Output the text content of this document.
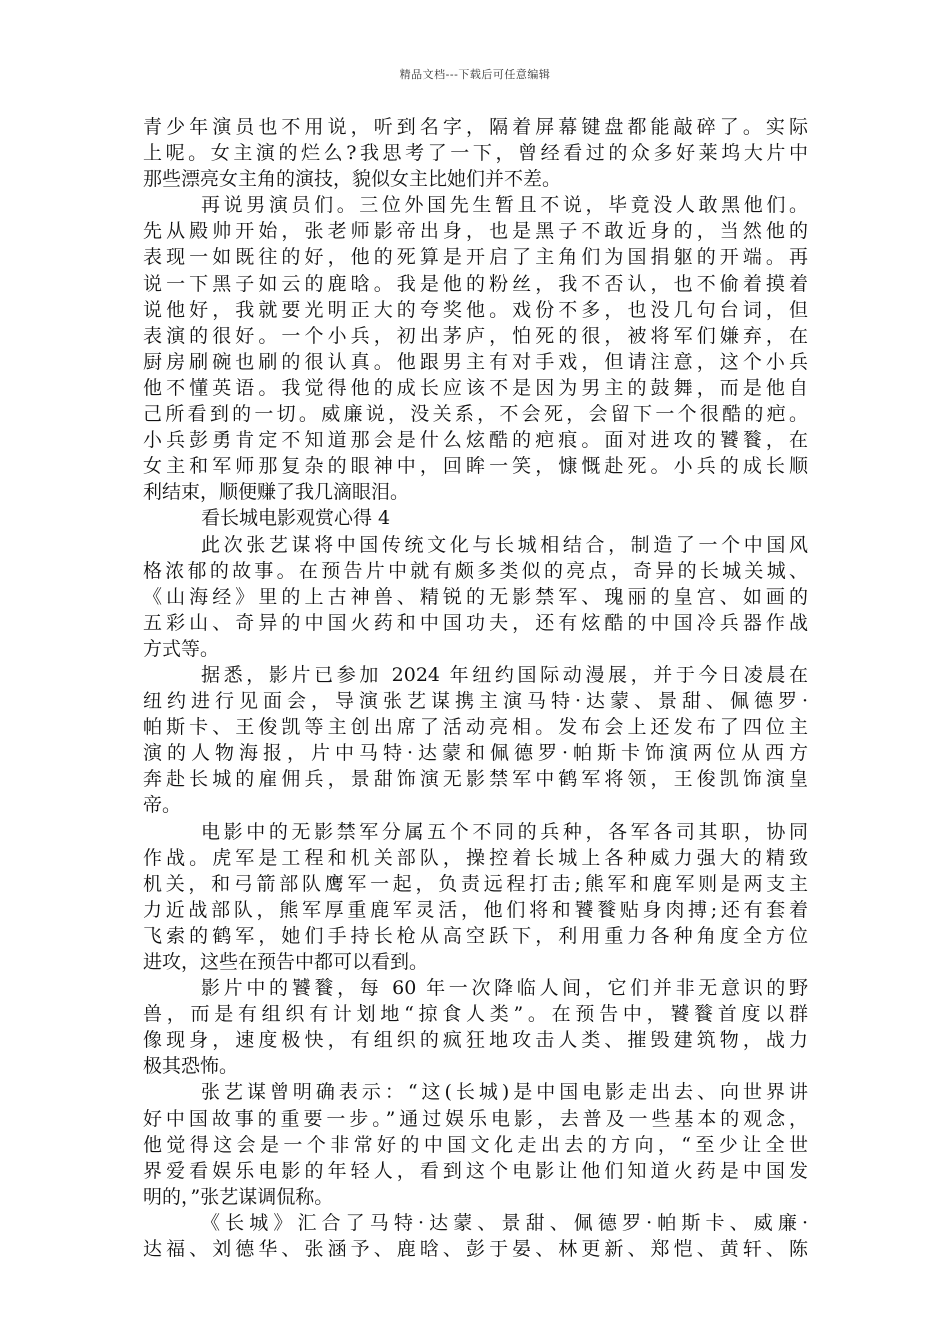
精品文档---下载后可任意编辑
青少年演员也不用说，听到名字，隔着屏幕键盘都能敲碎了。实际
上呢。女主演的烂么?我思考了一下，曾经看过的众多好莱坞大片中
那些漂亮女主角的演技，貌似女主比她们并不差。
再说男演员们。三位外国先生暂且不说，毕竟没人敢黑他们。
先从殿帅开始，张老师影帝出身，也是黑子不敢近身的，当然他的
表现一如既往的好，他的死算是开启了主角们为国捐躯的开端。再
说一下黑子如云的鹿晗。我是他的粉丝，我不否认，也不偷着摸着
说他好，我就要光明正大的夸奖他。戏份不多，也没几句台词，但
表演的很好。一个小兵，初出茅庐，怕死的很，被将军们嫌弃，在
厨房刷碗也刷的很认真。他跟男主有对手戏，但请注意，这个小兵
他不懂英语。我觉得他的成长应该不是因为男主的鼓舞，而是他自
己所看到的一切。威廉说，没关系，不会死，会留下一个很酷的疤。
小兵彭勇肯定不知道那会是什么炫酷的疤痕。面对进攻的饕餮，在
女主和军师那复杂的眼神中，回眸一笑，慷慨赴死。小兵的成长顺
利结束，顺便赚了我几滴眼泪。
看长城电影观赏心得 4
此次张艺谋将中国传统文化与长城相结合，制造了一个中国风
格浓郁的故事。在预告片中就有颇多类似的亮点，奇异的长城关城、
《山海经》里的上古神兽、精锐的无影禁军、瑰丽的皇宫、如画的
五彩山、奇异的中国火药和中国功夫，还有炫酷的中国冷兵器作战
方式等。
据悉，影片已参加 2024 年纽约国际动漫展，并于今日凌晨在
纽约进行见面会，导演张艺谋携主演马特·达蒙、景甜、佩德罗·
帕斯卡、王俊凯等主创出席了活动亮相。发布会上还发布了四位主
演的人物海报，片中马特·达蒙和佩德罗·帕斯卡饰演两位从西方
奔赴长城的雇佣兵，景甜饰演无影禁军中鹤军将领，王俊凯饰演皇
帝。
电影中的无影禁军分属五个不同的兵种，各军各司其职，协同
作战。虎军是工程和机关部队，操控着长城上各种威力强大的精致
机关，和弓箭部队鹰军一起，负责远程打击;熊军和鹿军则是两支主
力近战部队，熊军厚重鹿军灵活，他们将和饕餮贴身肉搏;还有套着
飞索的鹤军，她们手持长枪从高空跃下，利用重力各种角度全方位
进攻，这些在预告中都可以看到。
影片中的饕餮，每 60 年一次降临人间，它们并非无意识的野
兽，而是有组织有计划地“掠食人类”。在预告中，饕餮首度以群
像现身，速度极快，有组织的疯狂地攻击人类、摧毁建筑物，战力
极其恐怖。
张艺谋曾明确表示：“这(长城)是中国电影走出去、向世界讲
好中国故事的重要一步。”通过娱乐电影，去普及一些基本的观念，
他觉得这会是一个非常好的中国文化走出去的方向，“至少让全世
界爱看娱乐电影的年轻人，看到这个电影让他们知道火药是中国发
明的，”张艺谋调侃称。
《长城》汇合了马特·达蒙、景甜、佩德罗·帕斯卡、威廉·
达福、刘德华、张涵予、鹿晗、彭于晏、林更新、郑恺、黄轩、陈
